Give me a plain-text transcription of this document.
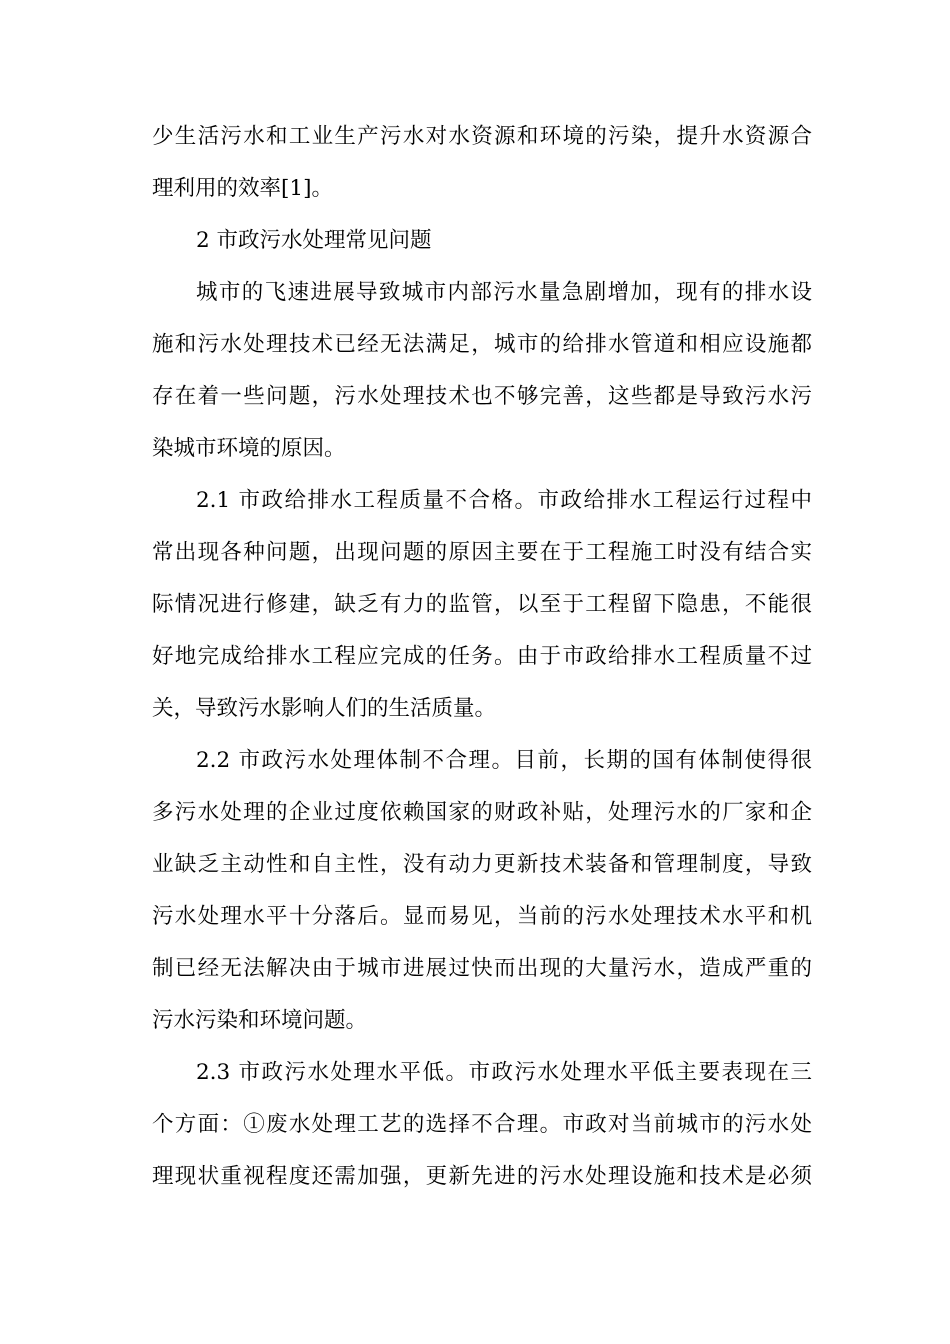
少生活污水和工业生产污水对水资源和环境的污染，提升水资源合
理利用的效率[1]。
2 市政污水处理常见问题
城市的飞速进展导致城市内部污水量急剧增加，现有的排水设
施和污水处理技术已经无法满足，城市的给排水管道和相应设施都
存在着一些问题，污水处理技术也不够完善，这些都是导致污水污
染城市环境的原因。
2.1 市政给排水工程质量不合格。市政给排水工程运行过程中
常出现各种问题，出现问题的原因主要在于工程施工时没有结合实
际情况进行修建，缺乏有力的监管，以至于工程留下隐患，不能很
好地完成给排水工程应完成的任务。由于市政给排水工程质量不过
关，导致污水影响人们的生活质量。
2.2 市政污水处理体制不合理。目前，长期的国有体制使得很
多污水处理的企业过度依赖国家的财政补贴，处理污水的厂家和企
业缺乏主动性和自主性，没有动力更新技术装备和管理制度，导致
污水处理水平十分落后。显而易见，当前的污水处理技术水平和机
制已经无法解决由于城市进展过快而出现的大量污水，造成严重的
污水污染和环境问题。
2.3 市政污水处理水平低。市政污水处理水平低主要表现在三
个方面：①废水处理工艺的选择不合理。市政对当前城市的污水处
理现状重视程度还需加强，更新先进的污水处理设施和技术是必须
